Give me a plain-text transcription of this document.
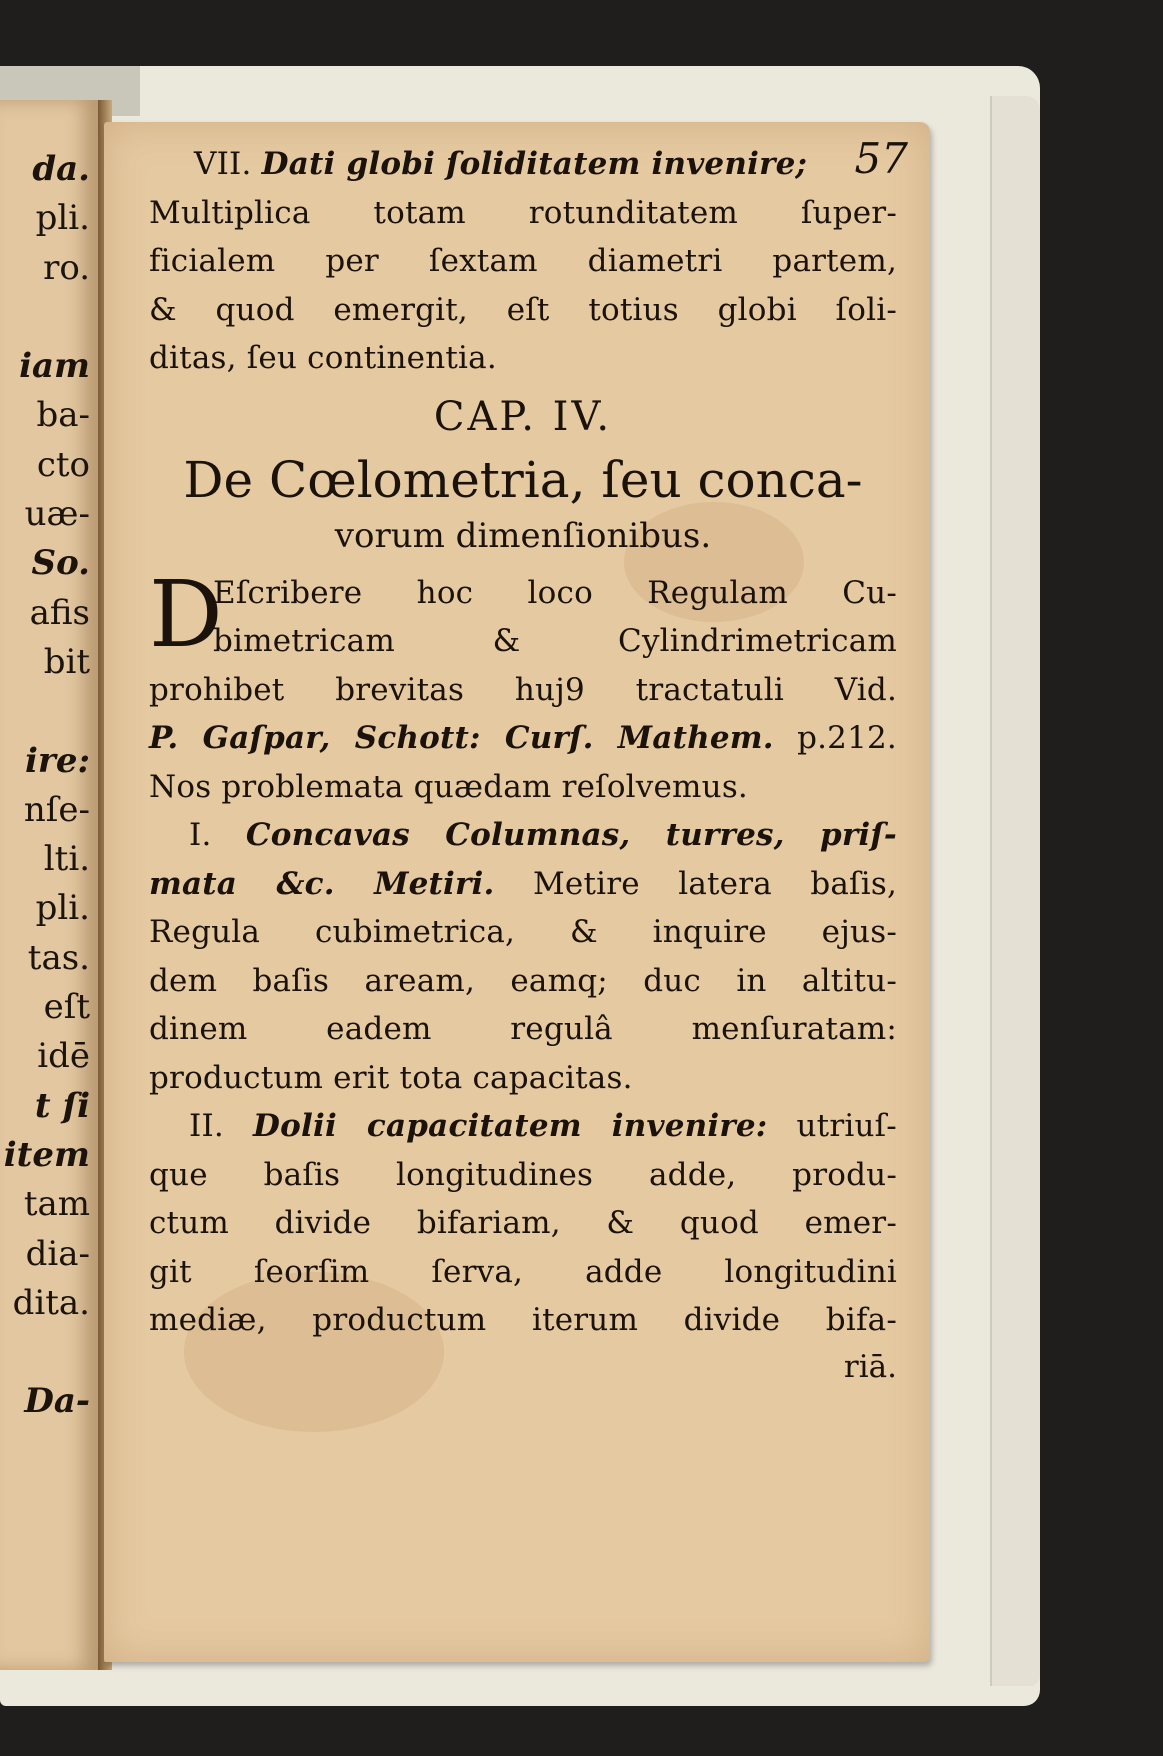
da.
pli.
ro.

iam
ba-
cto
uæ-
So.
afis
bit

ire:
nſe-
lti.
pli.
tas.
eſt
idē
t ſi
item
tam
dia-
dita.

Da-
57
VII. Dati globi ſoliditatem invenire;
Multiplica totam rotunditatem ſuper-
ficialem per ſextam diametri partem,
& quod emergit, eſt totius globi ſoli-
ditas, ſeu continentia.
CAP. IV.
De Cœlometria, ſeu conca-
vorum dimenſionibus.
D
Eſcribere hoc loco Regulam Cu-
bimetricam & Cylindrimetricam
prohibet brevitas huj9 tractatuli Vid.
P. Gaſpar, Schott: Curſ. Mathem. p.212.
Nos problemata quædam reſolvemus.
I. Concavas Columnas, turres, priſ-
mata &c. Metiri. Metire latera baſis,
Regula cubimetrica, & inquire ejus-
dem baſis aream, eamq; duc in altitu-
dinem eadem regulâ menſuratam:
productum erit tota capacitas.
II. Dolii capacitatem invenire: utriuſ-
que baſis longitudines adde, produ-
ctum divide bifariam, & quod emer-
git ſeorſim ſerva, adde longitudini
mediæ, productum iterum divide bifa-
riā.
